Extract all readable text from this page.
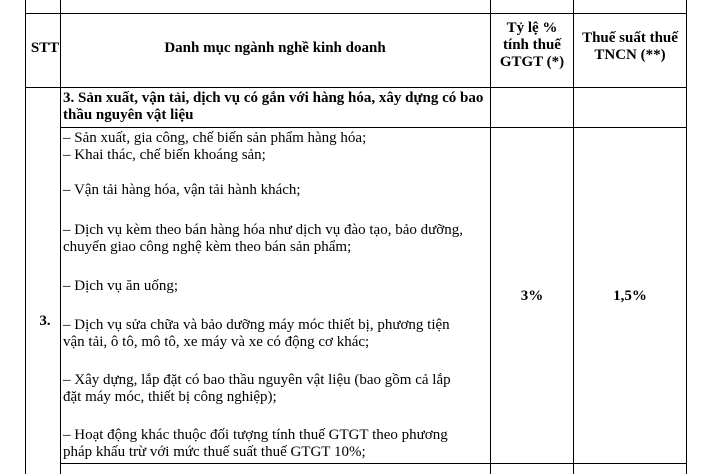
STT	Danh mục ngành nghề kinh doanh
Tỷ lệ %
tính thuế
GTGT (*)
Thuế suất thuế
TNCN (**)
3. Sản xuất, vận tải, dịch vụ có gắn với hàng hóa, xây dựng có bao thầu nguyên vật liệu
– Sản xuất, gia công, chế biến sản phẩm hàng hóa;
– Khai thác, chế biến khoáng sản;
– Vận tải hàng hóa, vận tải hành khách;
– Dịch vụ kèm theo bán hàng hóa như dịch vụ đào tạo, bảo dưỡng,
chuyển giao công nghệ kèm theo bán sản phẩm;
– Dịch vụ ăn uống;
– Dịch vụ sửa chữa và bảo dưỡng máy móc thiết bị, phương tiện
vận tải, ô tô, mô tô, xe máy và xe có động cơ khác;
– Xây dựng, lắp đặt có bao thầu nguyên vật liệu (bao gồm cả lắp
đặt máy móc, thiết bị công nghiệp);
– Hoạt động khác thuộc đối tượng tính thuế GTGT theo phương
pháp khấu trừ với mức thuế suất thuế GTGT 10%;
3.
3%	1,5%
